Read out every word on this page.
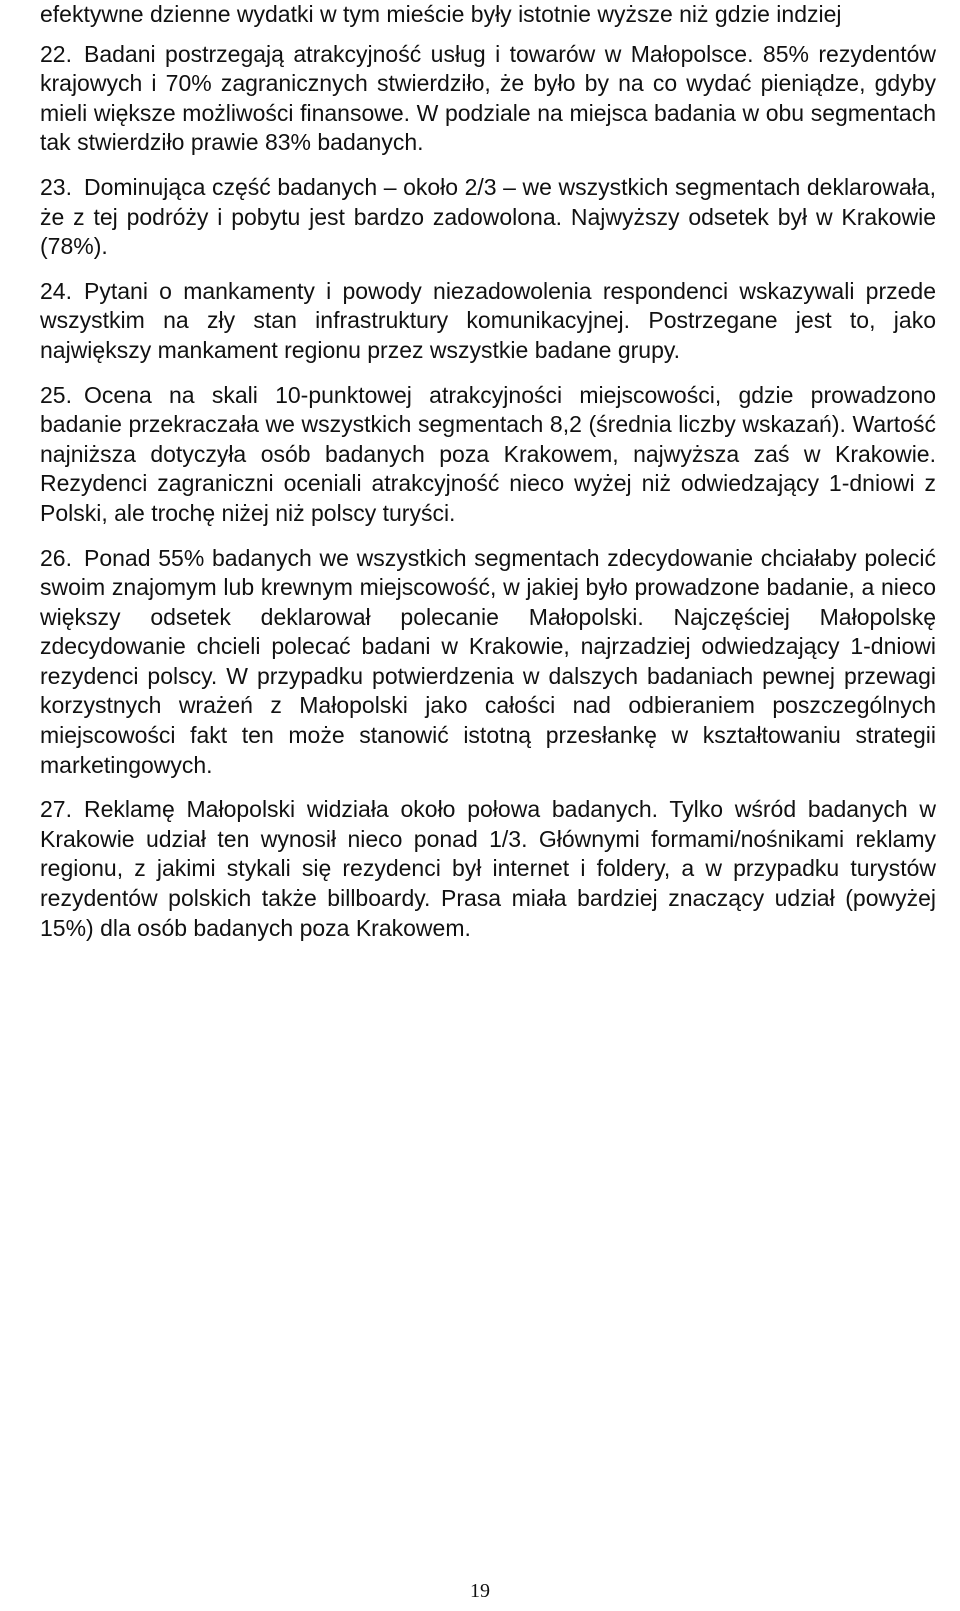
efektywne dzienne wydatki w tym mieście były istotnie wyższe niż gdzie indziej

22. Badani postrzegają atrakcyjność usług i towarów w Małopolsce. 85% rezydentów krajowych i 70% zagranicznych stwierdziło, że było by na co wydać pieniądze, gdyby mieli większe możliwości finansowe. W podziale na miejsca badania w obu segmentach tak stwierdziło prawie 83% badanych.
23. Dominująca część badanych – około 2/3 – we wszystkich segmentach deklarowała, że z tej podróży i pobytu jest bardzo zadowolona. Najwyższy odsetek był w Krakowie (78%).
24. Pytani o mankamenty i powody niezadowolenia respondenci wskazywali przede wszystkim na zły stan infrastruktury komunikacyjnej. Postrzegane jest to, jako największy mankament regionu przez wszystkie badane grupy.
25. Ocena na skali 10-punktowej atrakcyjności miejscowości, gdzie prowadzono badanie przekraczała we wszystkich segmentach 8,2 (średnia liczby wskazań). Wartość najniższa dotyczyła osób badanych poza Krakowem, najwyższa zaś w Krakowie. Rezydenci zagraniczni oceniali atrakcyjność nieco wyżej niż odwiedzający 1-dniowi z Polski, ale trochę niżej niż polscy turyści.
26. Ponad 55% badanych we wszystkich segmentach zdecydowanie chciałaby polecić swoim znajomym lub krewnym miejscowość, w jakiej było prowadzone badanie, a nieco większy odsetek deklarował polecanie Małopolski. Najczęściej Małopolskę zdecydowanie chcieli polecać badani w Krakowie, najrzadziej odwiedzający 1-dniowi rezydenci polscy. W przypadku potwierdzenia w dalszych badaniach pewnej przewagi korzystnych wrażeń z Małopolski jako całości nad odbieraniem poszczególnych miejscowości fakt ten może stanowić istotną przesłankę w kształtowaniu strategii marketingowych.
27. Reklamę Małopolski widziała około połowa badanych. Tylko wśród badanych w Krakowie udział ten wynosił nieco ponad 1/3. Głównymi formami/nośnikami reklamy regionu, z jakimi stykali się rezydenci był internet i foldery, a w przypadku turystów rezydentów polskich także billboardy. Prasa miała bardziej znaczący udział (powyżej 15%) dla osób badanych poza Krakowem.
19
